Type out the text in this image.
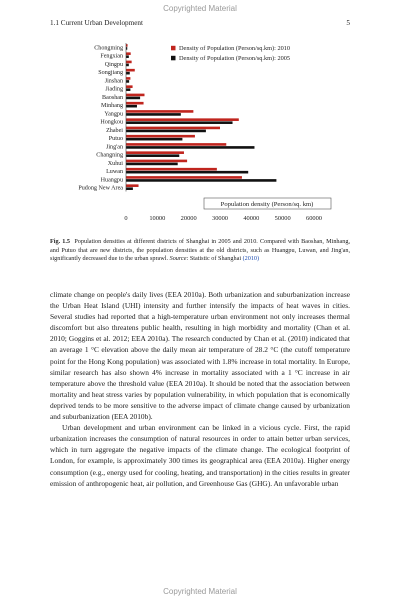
Copyrighted Material
1.1 Current Urban Development	5
Chongming
Fengxian
Qingpu
Songjiang
Jinshan
Jiading
Baoshan
Minhang
Yangpu
Hongkou
Zhabei
Putuo
Jing'an
Changning
Xuhui
Luwan
Huangpu
Pudong New Area
0	10000 20000 30000 40000 50000 60000
Density of Population (Person/sq.km): 2010
Density of Population (Person/sq.km): 2005
Population density (Person/sq. km)
Fig. 1.5 Population densities at different districts of Shanghai in 2005 and 2010. Compared with Baoshan, Minhang, and Putuo that are new districts, the population densities at the old districts, such as Huangpu, Luwan, and Jing'an, significantly decreased due to the urban sprawl. Source: Statistic of Shanghai (2010)

climate change on people's daily lives (EEA 2010a). Both urbanization and suburbanization increase the Urban Heat Island (UHI) intensity and further intensify the impacts of heat waves in cities. Several studies had reported that a high-temperature urban environment not only increases thermal discomfort but also threatens public health, resulting in high morbidity and mortality (Chan et al. 2010; Goggins et al. 2012; EEA 2010a). The research conducted by Chan et al. (2010) indicated that an average 1 °C elevation above the daily mean air temperature of 28.2 °C (the cutoff temperature point for the Hong Kong population) was associated with 1.8% increase in total mortality. In Europe, similar research has also shown 4% increase in mortality associated with a 1 °C increase in air temperature above the threshold value (EEA 2010a). It should be noted that the association between mortality and heat stress varies by population vulnerability, in which population that is economically deprived tends to be more sensitive to the adverse impact of climate change caused by urbanization and suburbanization (EEA 2010b).

Urban development and urban environment can be linked in a vicious cycle. First, the rapid urbanization increases the consumption of natural resources in order to attain better urban services, which in turn aggregate the negative impacts of the climate change. The ecological footprint of London, for example, is approximately 300 times its geographical area (EEA 2010a). Higher energy consumption (e.g., energy used for cooling, heating, and transportation) in the cities results in greater emission of anthropogenic heat, air pollution, and Greenhouse Gas (GHG). An unfavorable urban

Copyrighted Material
